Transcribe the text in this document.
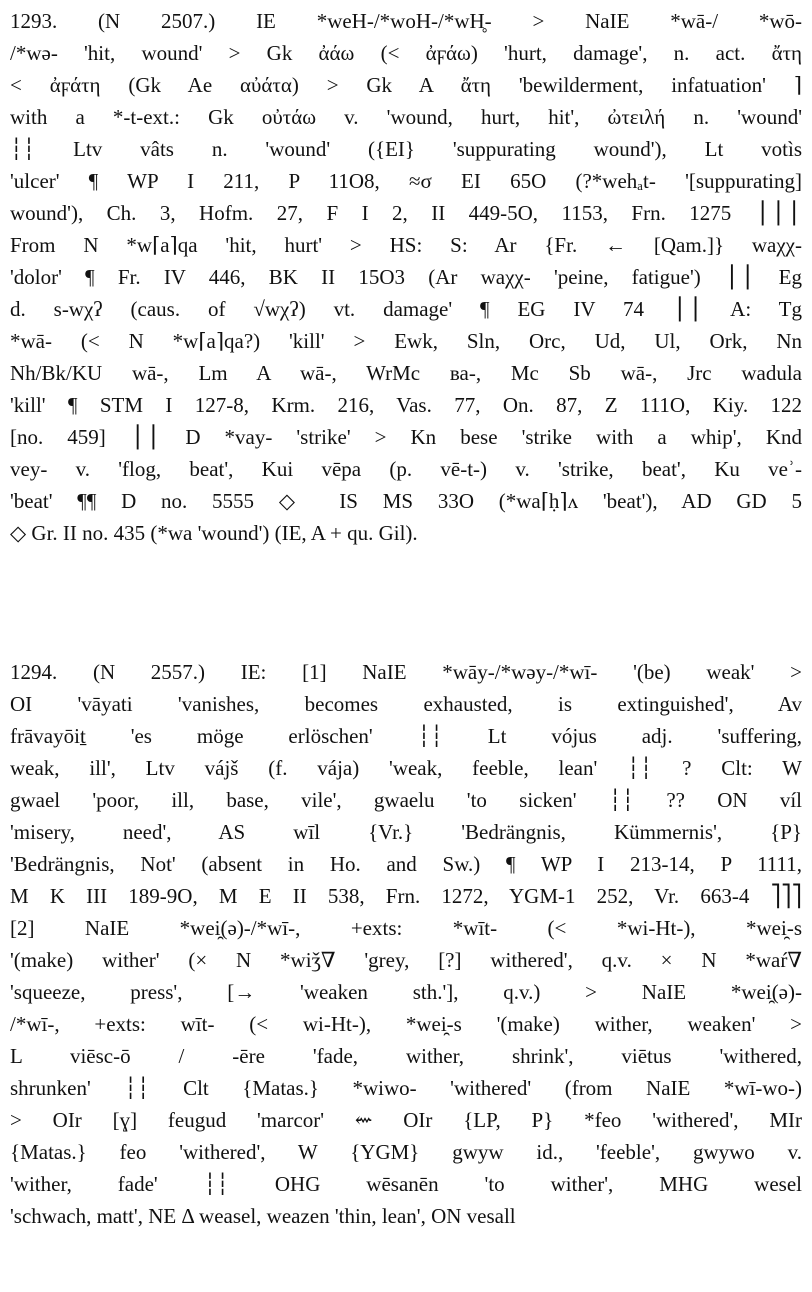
1293. (N 2507.) IE *weH-/*woH-/*wH̥- > NaIE *wā-/ *wō-
/*wə- 'hit, wound' > Gk ἀάω (< ἀϝάω) 'hurt, damage', n. act. ἄτη
< ἀϝάτη (Gk Ae αὐάτα) > Gk A ἄτη 'bewilderment, infatuation' ⌉
with a *-t-ext.: Gk οὐτάω v. 'wound, hurt, hit', ὠτειλή n. 'wound'
┆┆ Ltv vâts n. 'wound' ({EI} 'suppurating wound'), Lt votìs
'ulcer' ¶ WP I 211, P 11O8, ≈σ EI 65O (?*wehₐt- '[suppurating]
wound'), Ch. 3, Hofm. 27, F I 2, II 449-5O, 1153, Frn. 1275 ⎪⎪⎪
From N *w⌈a⌉qa 'hit, hurt' > HS: S: Ar {Fr. ← [Qam.]} waχχ-
'dolor' ¶ Fr. IV 446, BK II 15O3 (Ar waχχ- 'peine, fatigue') ⎪⎪ Eg
d. s-wχʔ (caus. of √wχʔ) vt. damage' ¶ EG IV 74 ⎪⎪ A: Tg
*wā- (< N *w⌈a⌉qa?) 'kill' > Ewk, Sln, Orc, Ud, Ul, Ork, Nn
Nh/Bk/KU wā-, Lm A wā-, WrMc ва-, Mc Sb wā-, Jrc wadula
'kill' ¶ STM I 127-8, Krm. 216, Vas. 77, On. 87, Z 111O, Kiy. 122
[no. 459] ⎪⎪ D *vay- 'strike' > Kn bese 'strike with a whip', Knd
vey- v. 'flog, beat', Kui vēpa (p. vē-t-) v. 'strike, beat', Ku veʾ-
'beat' ¶¶ D no. 5555 ◇ IS MS 33O (*wa⌈ḥ⌉ʌ 'beat'), AD GD 5
◇ Gr. II no. 435 (*wa 'wound') (IE, A + qu. Gil).
1294. (N 2557.) IE: [1] NaIE *wāy-/*wəy-/*wī- '(be) weak' >
OI 'vāyati 'vanishes, becomes exhausted, is extinguished', Av
frāvayōiṯ 'es möge erlöschen' ┆┆ Lt vójus adj. 'suffering,
weak, ill', Ltv vájš (f. vája) 'weak, feeble, lean' ┆┆ ? Clt: W
gwael 'poor, ill, base, vile', gwaelu 'to sicken' ┆┆ ?? ON víl
'misery, need', AS wīl {Vr.} 'Bedrängnis, Kümmernis', {P}
'Bedrängnis, Not' (absent in Ho. and Sw.) ¶ WP I 213-14, P 1111,
M K III 189-9O, M E II 538, Frn. 1272, YGM-1 252, Vr. 663-4 ⎤⎤⎤
[2] NaIE *wei̯(ə)-/*wī-, +exts: *wīt- (< *wi-Ht-), *wei̯-s
'(make) wither' (× N *wiǯ∇ 'grey, [?] withered', q.v. × N *waŕ∇
'squeeze, press', [→ 'weaken sth.'], q.v.) > NaIE *wei̯(ə)-
/*wī-, +exts: wīt- (< wi-Ht-), *wei̯-s '(make) wither, weaken' >
L viēsc-ō / -ēre 'fade, wither, shrink', viētus 'withered,
shrunken' ┆┆ Clt {Matas.} *wiwo- 'withered' (from NaIE *wī-wo-)
> OIr [ɣ] feugud 'marcor' ⇜ OIr {LP, P} *feo 'withered', MIr
{Matas.} feo 'withered', W {YGM} gwyw id., 'feeble', gwywo v.
'wither, fade' ┆┆ OHG wēsanēn 'to wither', MHG wesel
'schwach, matt', NE Δ weasel, weazen 'thin, lean', ON vesall
